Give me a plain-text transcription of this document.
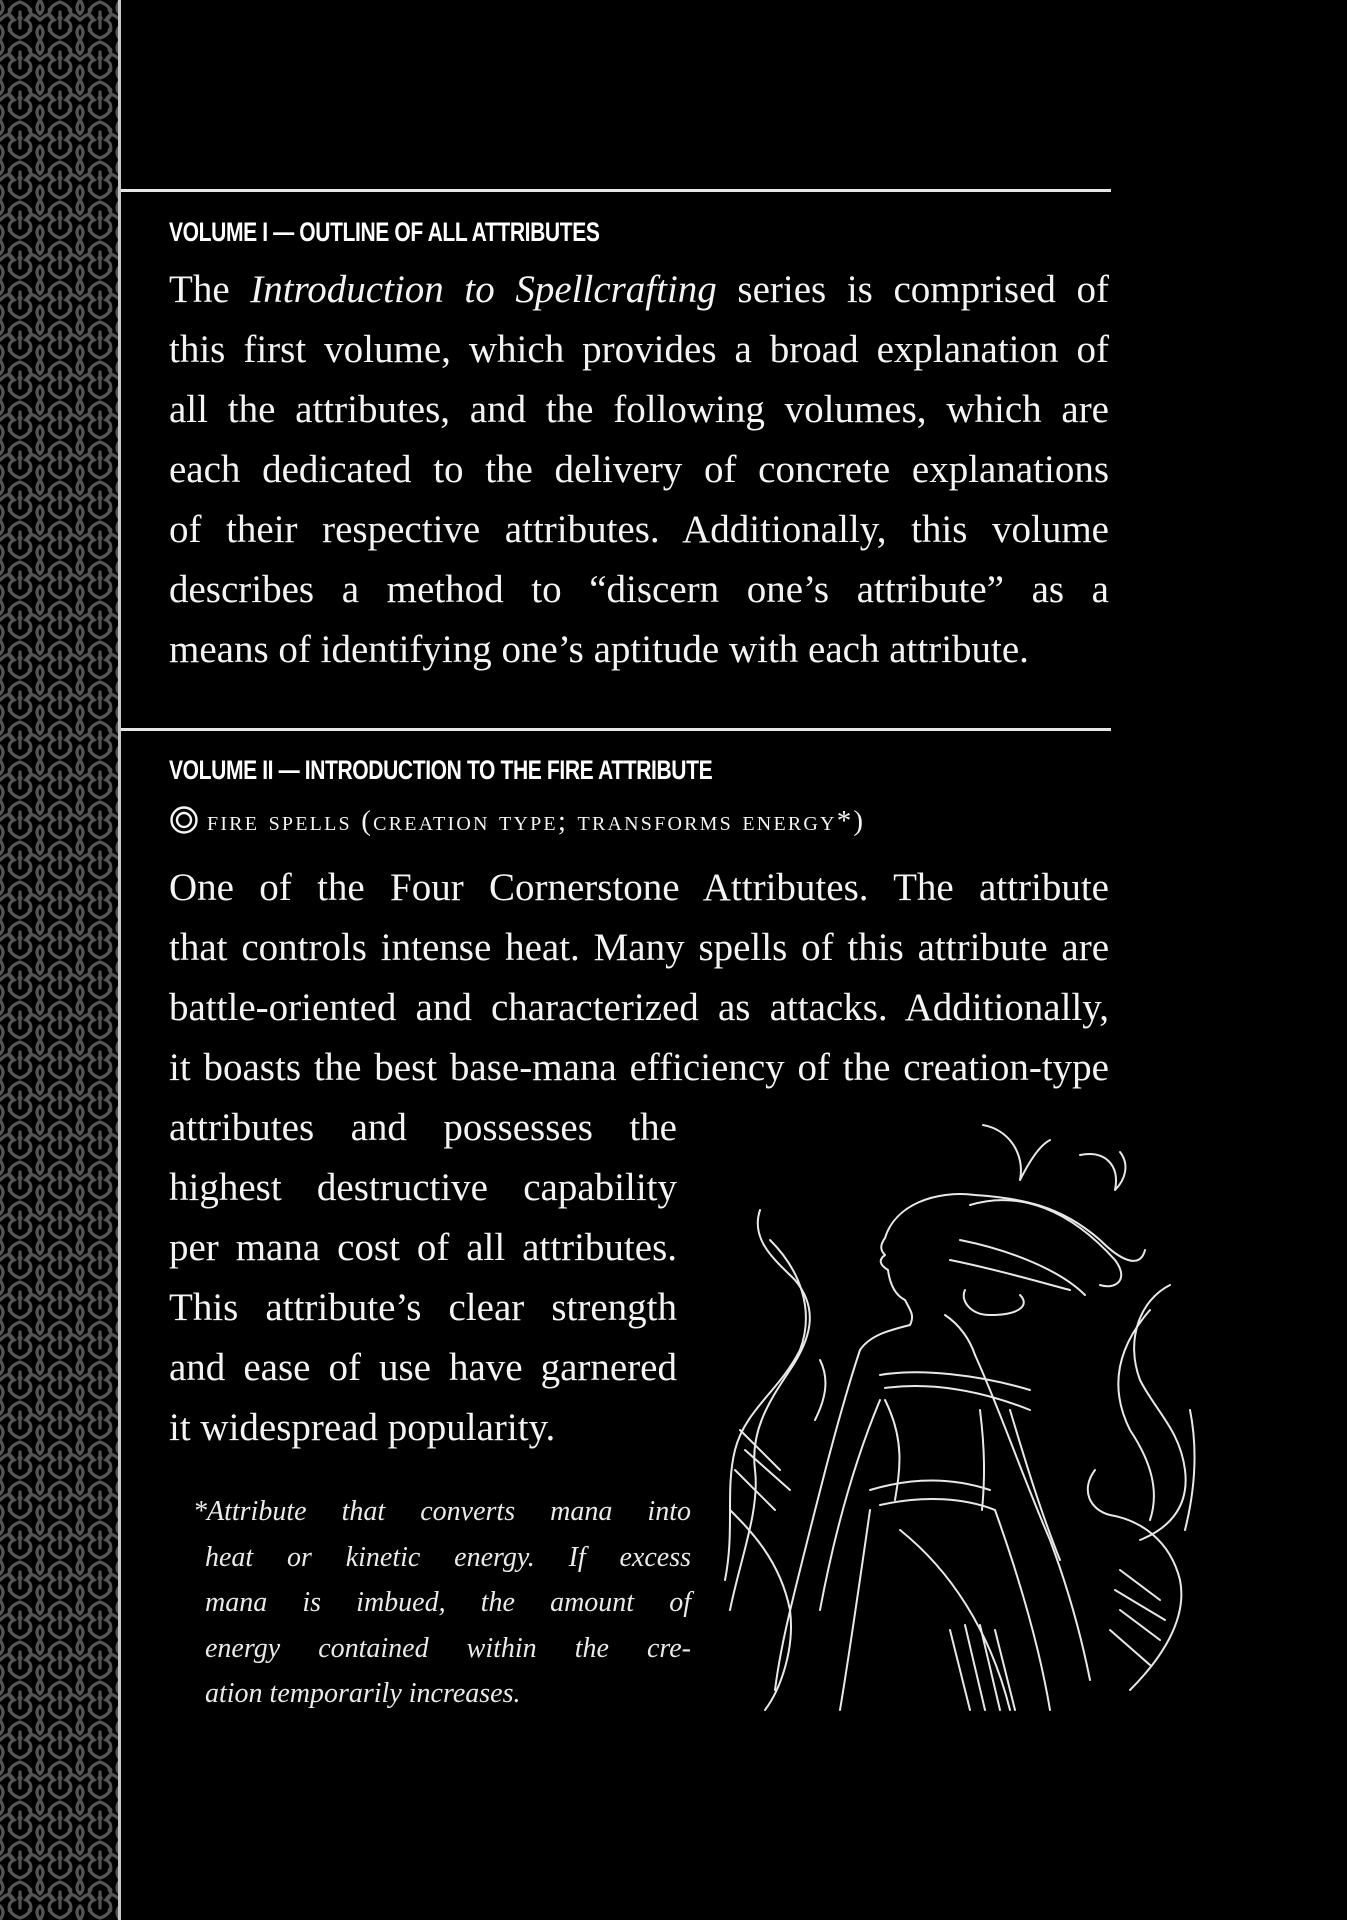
VOLUME I — OUTLINE OF ALL ATTRIBUTES
The Introduction to Spellcrafting series is comprised of
this first volume, which provides a broad explanation of
all the attributes, and the following volumes, which are
each dedicated to the delivery of concrete explanations
of their respective attributes. Additionally, this volume
describes a method to “discern one’s attribute” as a
means of identifying one’s aptitude with each attribute.
VOLUME II — INTRODUCTION TO THE FIRE ATTRIBUTE
fire spells (creation type; transforms energy*)
One of the Four Cornerstone Attributes. The attribute
that controls intense heat. Many spells of this attribute are
battle-oriented and characterized as attacks. Additionally,
it boasts the best base-mana efficiency of the creation-type
attributes and possesses the
highest destructive capability
per mana cost of all attributes.
This attribute’s clear strength
and ease of use have garnered
it widespread popularity.
*Attribute that converts mana into
heat or kinetic energy. If excess
mana is imbued, the amount of
energy contained within the cre-
ation temporarily increases.
